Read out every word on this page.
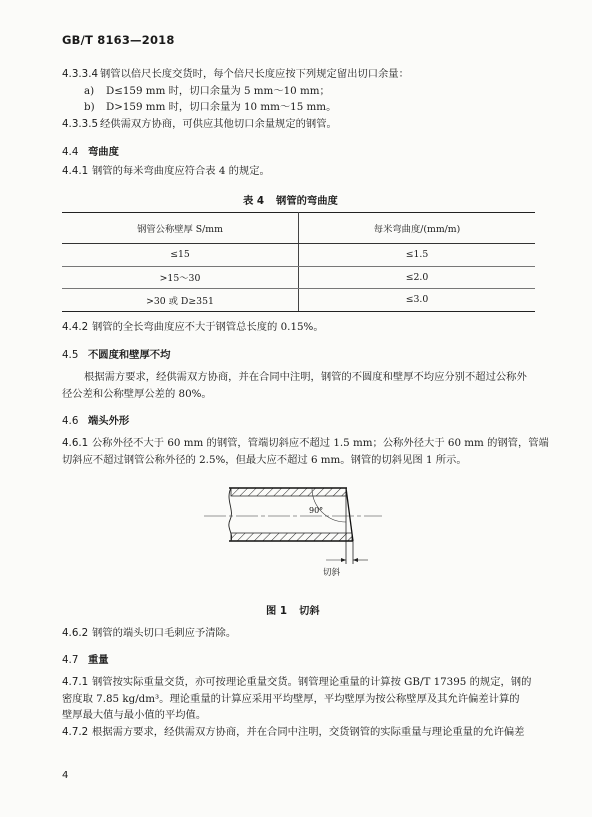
GB/T 8163—2018
4.3.3.4 钢管以倍尺长度交货时，每个倍尺长度应按下列规定留出切口余量：
a) D≤159 mm 时，切口余量为 5 mm～10 mm；
b) D>159 mm 时，切口余量为 10 mm～15 mm。
4.3.3.5 经供需双方协商，可供应其他切口余量规定的钢管。
4.4 弯曲度
4.4.1 钢管的每米弯曲度应符合表 4 的规定。
表 4 钢管的弯曲度
钢管公称壁厚 S/mm	每米弯曲度/(mm/m)
≤15	≤1.5
>15～30	≤2.0
>30 或 D≥351	≤3.0
4.4.2 钢管的全长弯曲度应不大于钢管总长度的 0.15%。
4.5 不圆度和壁厚不均
根据需方要求，经供需双方协商，并在合同中注明，钢管的不圆度和壁厚不均应分别不超过公称外
径公差和公称壁厚公差的 80%。
4.6 端头外形
4.6.1 公称外径不大于 60 mm 的钢管，管端切斜应不超过 1.5 mm；公称外径大于 60 mm 的钢管，管端
切斜应不超过钢管公称外径的 2.5%，但最大应不超过 6 mm。钢管的切斜见图 1 所示。
90°
切斜
图 1 切斜
4.6.2 钢管的端头切口毛刺应予清除。
4.7 重量
4.7.1 钢管按实际重量交货，亦可按理论重量交货。钢管理论重量的计算按 GB/T 17395 的规定，钢的
密度取 7.85 kg/dm³。理论重量的计算应采用平均壁厚，平均壁厚为按公称壁厚及其允许偏差计算的
壁厚最大值与最小值的平均值。
4.7.2 根据需方要求，经供需双方协商，并在合同中注明，交货钢管的实际重量与理论重量的允许偏差
4
